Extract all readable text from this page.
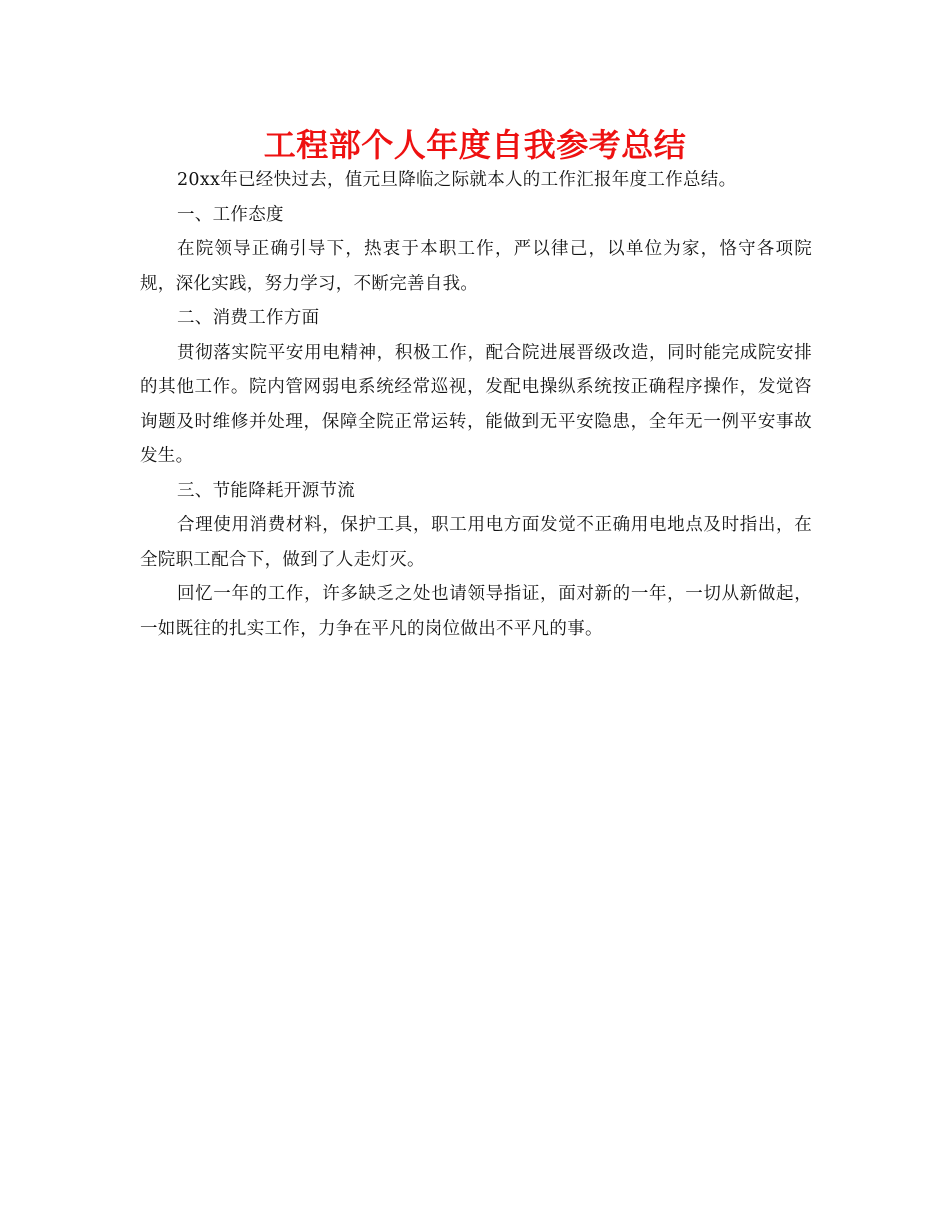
工程部个人年度自我参考总结

20xx年已经快过去，值元旦降临之际就本人的工作汇报年度工作总结。

一、工作态度

在院领导正确引导下，热衷于本职工作，严以律己，以单位为家，恪守各项院规，深化实践，努力学习，不断完善自我。

二、消费工作方面

贯彻落实院平安用电精神，积极工作，配合院进展晋级改造，同时能完成院安排的其他工作。院内管网弱电系统经常巡视，发配电操纵系统按正确程序操作，发觉咨询题及时维修并处理，保障全院正常运转，能做到无平安隐患，全年无一例平安事故发生。

三、节能降耗开源节流

合理使用消费材料，保护工具，职工用电方面发觉不正确用电地点及时指出，在全院职工配合下，做到了人走灯灭。

回忆一年的工作，许多缺乏之处也请领导指证，面对新的一年，一切从新做起，一如既往的扎实工作，力争在平凡的岗位做出不平凡的事。
